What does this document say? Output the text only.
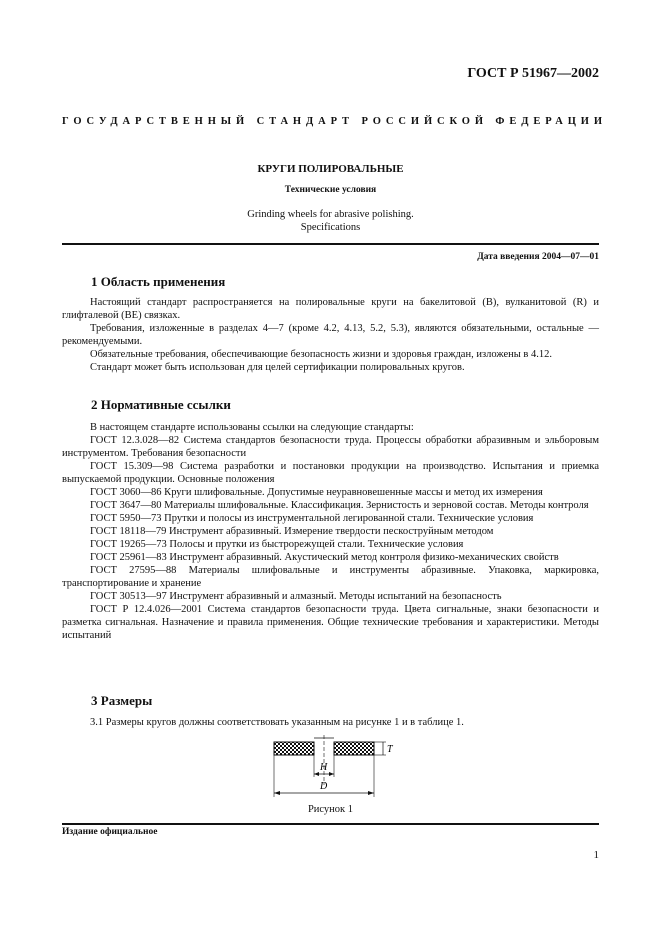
ГОСТ Р 51967—2002
ГОСУДАРСТВЕННЫЙ СТАНДАРТ РОССИЙСКОЙ ФЕДЕРАЦИИ
КРУГИ ПОЛИРОВАЛЬНЫЕ
Технические условия
Grinding wheels for abrasive polishing.
Specifications
Дата введения 2004—07—01
1 Область применения

Настоящий стандарт распространяется на полировальные круги на бакелитовой (B), вулканитовой (R) и глифталевой (BE) связках.

Требования, изложенные в разделах 4—7 (кроме 4.2, 4.13, 5.2, 5.3), являются обязательными, остальные — рекомендуемыми.

Обязательные требования, обеспечивающие безопасность жизни и здоровья граждан, изложены в 4.12.

Стандарт может быть использован для целей сертификации полировальных кругов.

2 Нормативные ссылки

В настоящем стандарте использованы ссылки на следующие стандарты:

ГОСТ 12.3.028—82 Система стандартов безопасности труда. Процессы обработки абразивным и эльборовым инструментом. Требования безопасности

ГОСТ 15.309—98 Система разработки и постановки продукции на производство. Испытания и приемка выпускаемой продукции. Основные положения

ГОСТ 3060—86 Круги шлифовальные. Допустимые неуравновешенные массы и метод их измерения

ГОСТ 3647—80 Материалы шлифовальные. Классификация. Зернистость и зерновой состав. Методы контроля

ГОСТ 5950—73 Прутки и полосы из инструментальной легированной стали. Технические условия

ГОСТ 18118—79 Инструмент абразивный. Измерение твердости пескоструйным методом

ГОСТ 19265—73 Полосы и прутки из быстрорежущей стали. Технические условия

ГОСТ 25961—83 Инструмент абразивный. Акустический метод контроля физико-механических свойств

ГОСТ 27595—88 Материалы шлифовальные и инструменты абразивные. Упаковка, маркировка, транспортирование и хранение

ГОСТ 30513—97 Инструмент абразивный и алмазный. Методы испытаний на безопасность

ГОСТ Р 12.4.026—2001 Система стандартов безопасности труда. Цвета сигнальные, знаки безопасности и разметка сигнальная. Назначение и правила применения. Общие технические требования и характеристики. Методы испытаний

3 Размеры

3.1 Размеры кругов должны соответствовать указанным на рисунке 1 и в таблице 1.

H
D
T
Рисунок 1
Издание официальное
1
